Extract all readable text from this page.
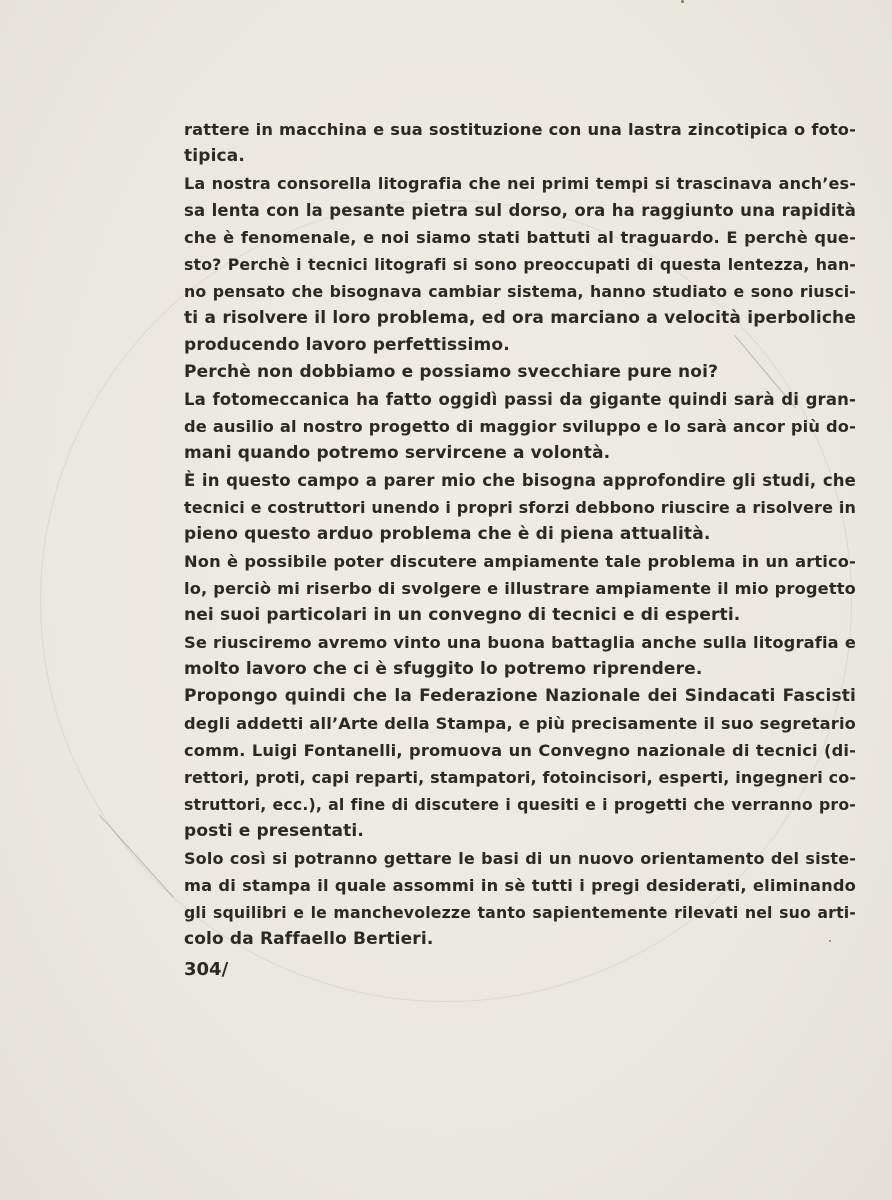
rattere in macchina e sua sostituzione con una lastra zincotipica o foto-
tipica.
La nostra consorella litografia che nei primi tempi si trascinava anch’es-
sa lenta con la pesante pietra sul dorso, ora ha raggiunto una rapidità
che è fenomenale, e noi siamo stati battuti al traguardo. E perchè que-
sto? Perchè i tecnici litografi si sono preoccupati di questa lentezza, han-
no pensato che bisognava cambiar sistema, hanno studiato e sono riusci-
ti a risolvere il loro problema, ed ora marciano a velocità iperboliche
producendo lavoro perfettissimo.
Perchè non dobbiamo e possiamo svecchiare pure noi?
La fotomeccanica ha fatto oggidì passi da gigante quindi sarà di gran-
de ausilio al nostro progetto di maggior sviluppo e lo sarà ancor più do-
mani quando potremo servircene a volontà.
È in questo campo a parer mio che bisogna approfondire gli studi, che
tecnici e costruttori unendo i propri sforzi debbono riuscire a risolvere in
pieno questo arduo problema che è di piena attualità.
Non è possibile poter discutere ampiamente tale problema in un artico-
lo, perciò mi riserbo di svolgere e illustrare ampiamente il mio progetto
nei suoi particolari in un convegno di tecnici e di esperti.
Se riusciremo avremo vinto una buona battaglia anche sulla litografia e
molto lavoro che ci è sfuggito lo potremo riprendere.
Propongo quindi che la Federazione Nazionale dei Sindacati Fascisti
degli addetti all’Arte della Stampa, e più precisamente il suo segretario
comm. Luigi Fontanelli, promuova un Convegno nazionale di tecnici (di-
rettori, proti, capi reparti, stampatori, fotoincisori, esperti, ingegneri co-
struttori, ecc.), al fine di discutere i quesiti e i progetti che verranno pro-
posti e presentati.
Solo così si potranno gettare le basi di un nuovo orientamento del siste-
ma di stampa il quale assommi in sè tutti i pregi desiderati, eliminando
gli squilibri e le manchevolezze tanto sapientemente rilevati nel suo arti-
colo da Raffaello Bertieri.
304/
